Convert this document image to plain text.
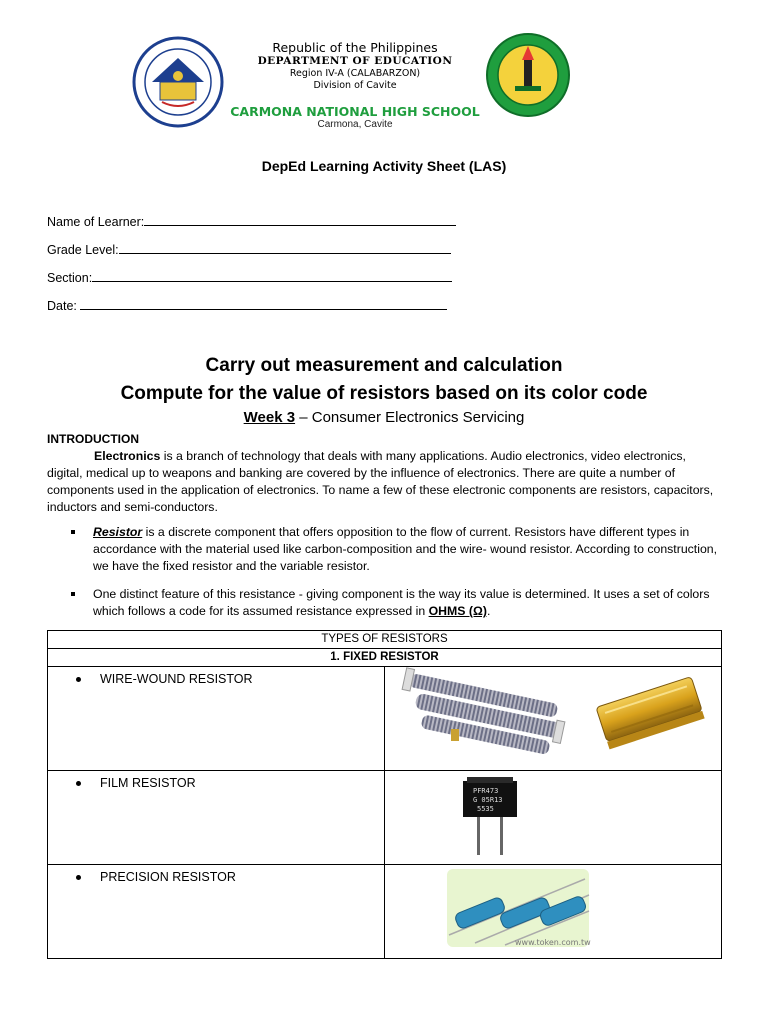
Republic of the Philippines
DEPARTMENT OF EDUCATION
Region IV-A (CALABARZON)
Division of Cavite
CARMONA NATIONAL HIGH SCHOOL
Carmona, Cavite
DepEd Learning Activity Sheet (LAS)
Name of Learner:
Grade Level:
Section:
Date:
Carry out measurement and calculation
Compute for the value of resistors based on its color code
Week 3 – Consumer Electronics Servicing
INTRODUCTION
Electronics is a branch of technology that deals with many applications. Audio electronics, video electronics, digital, medical up to weapons and banking are covered by the influence of electronics. There are quite a number of components used in the application of electronics. To name a few of these electronic components are resistors, capacitors, inductors and semi-conductors.
Resistor is a discrete component that offers opposition to the flow of current. Resistors have different types in accordance with the material used like carbon-composition and the wire- wound resistor. According to construction, we have the fixed resistor and the variable resistor.
One distinct feature of this resistance - giving component is the way its value is determined. It uses a set of colors which follows a code for its assumed resistance expressed in OHMS (Ω).
TYPES OF RESISTORS	
1. FIXED RESISTOR	
WIRE-WOUND RESISTOR	
FILM RESISTOR	PFR473
G 05R13
5535

PRECISION RESISTOR	www.token.com.tw
